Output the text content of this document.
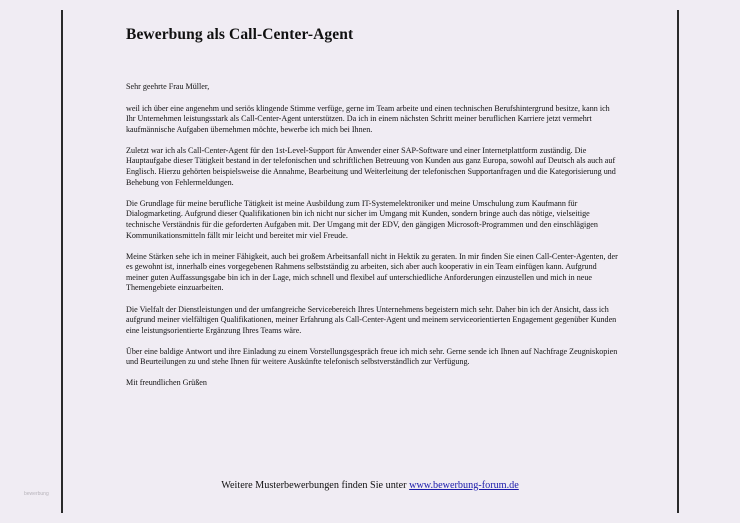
Bewerbung als Call-Center-Agent

Sehr geehrte Frau Müller,

weil ich über eine angenehm und seriös klingende Stimme verfüge, gerne im Team arbeite und einen technischen Berufshintergrund besitze, kann ich Ihr Unternehmen leistungsstark als Call-Center-Agent unterstützen. Da ich in einem nächsten Schritt meiner beruflichen Karriere jetzt vermehrt kaufmännische Aufgaben übernehmen möchte, bewerbe ich mich bei Ihnen.

Zuletzt war ich als Call-Center-Agent für den 1st-Level-Support für Anwender einer SAP-Software und einer Internetplattform zuständig. Die Hauptaufgabe dieser Tätigkeit bestand in der telefonischen und schriftlichen Betreuung von Kunden aus ganz Europa, sowohl auf Deutsch als auch auf Englisch. Hierzu gehörten beispielsweise die Annahme, Bearbeitung und Weiterleitung der telefonischen Supportanfragen und die Kategorisierung und Behebung von Fehlermeldungen.

Die Grundlage für meine berufliche Tätigkeit ist meine Ausbildung zum IT-Systemelektroniker und meine Umschulung zum Kaufmann für Dialogmarketing. Aufgrund dieser Qualifikationen bin ich nicht nur sicher im Umgang mit Kunden, sondern bringe auch das nötige, vielseitige technische Verständnis für die geforderten Aufgaben mit. Der Umgang mit der EDV, den gängigen Microsoft-Programmen und den einschlägigen Kommunikationsmitteln fällt mir leicht und bereitet mir viel Freude.

Meine Stärken sehe ich in meiner Fähigkeit, auch bei großem Arbeitsanfall nicht in Hektik zu geraten. In mir finden Sie einen Call-Center-Agenten, der es gewohnt ist, innerhalb eines vorgegebenen Rahmens selbstständig zu arbeiten, sich aber auch kooperativ in ein Team einfügen kann. Aufgrund meiner guten Auffassungsgabe bin ich in der Lage, mich schnell und flexibel auf unterschiedliche Anforderungen einzustellen und mich in neue Themengebiete einzuarbeiten.

Die Vielfalt der Dienstleistungen und der umfangreiche Servicebereich Ihres Unternehmens begeistern mich sehr. Daher bin ich der Ansicht, dass ich aufgrund meiner vielfältigen Qualifikationen, meiner Erfahrung als Call-Center-Agent und meinem serviceorientierten Engagement gegenüber Kunden eine leistungsorientierte Ergänzung Ihres Teams wäre.

Über eine baldige Antwort und ihre Einladung zu einem Vorstellungsgespräch freue ich mich sehr. Gerne sende ich Ihnen auf Nachfrage Zeugniskopien und Beurteilungen zu und stehe Ihnen für weitere Auskünfte telefonisch selbstverständlich zur Verfügung.

Mit freundlichen Grüßen

Weitere Musterbewerbungen finden Sie unter www.bewerbung-forum.de
bewerbung
